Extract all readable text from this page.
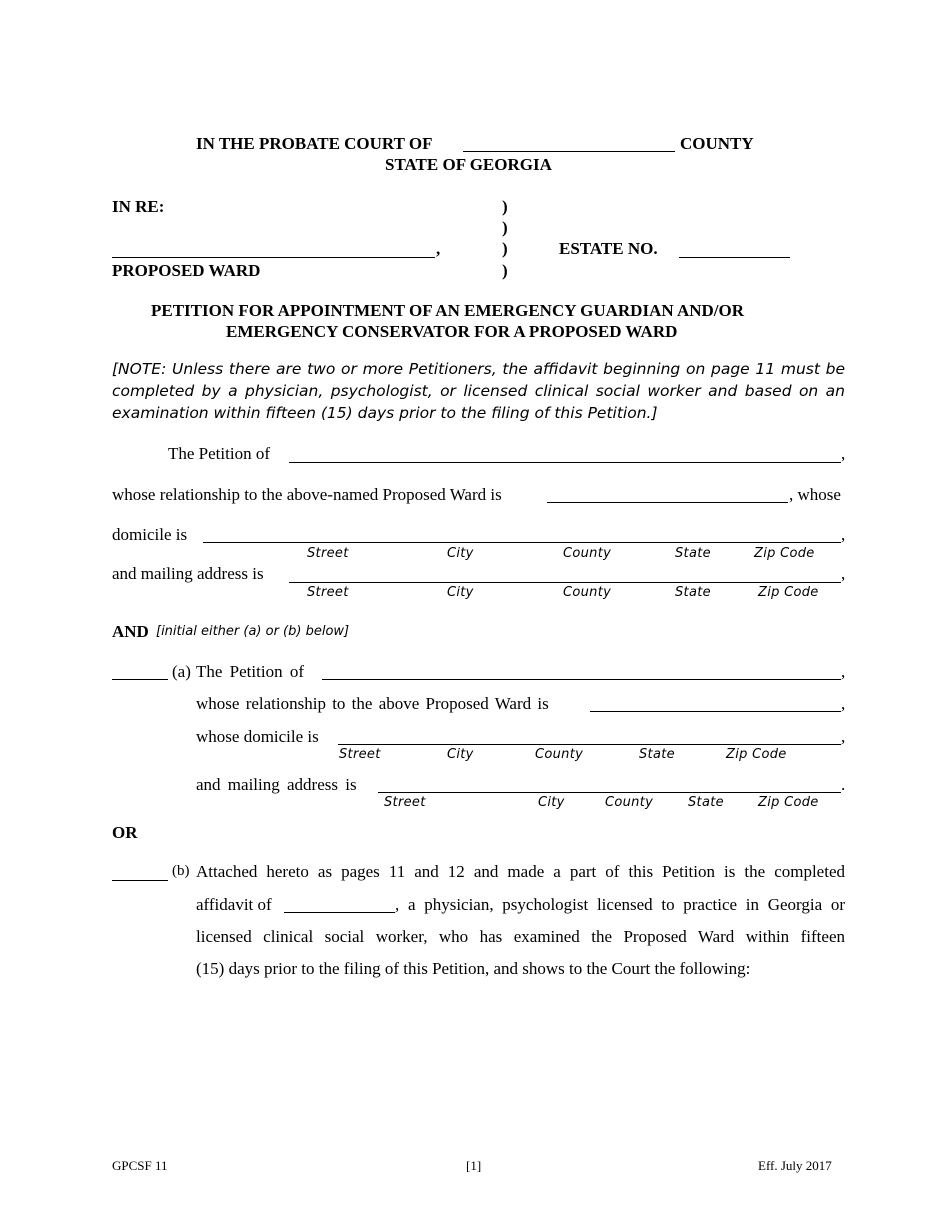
IN THE PROBATE COURT OF	COUNTY
STATE OF GEORGIA
IN RE:	)
)
)
)
,	ESTATE NO.
PROPOSED WARD
PETITION FOR APPOINTMENT OF AN EMERGENCY GUARDIAN AND/OR
EMERGENCY CONSERVATOR FOR A PROPOSED WARD
[NOTE: Unless there are two or more Petitioners, the affidavit beginning on page 11 must be
completed by a physician, psychologist, or licensed clinical social worker and based on an
examination within fifteen (15) days prior to the filing of this Petition.]
The Petition of	,
whose relationship to the above-named Proposed Ward is	, whose
domicile is	,
Street	City	County	State	Zip Code
and mailing address is	,
Street	City	County	State	Zip Code
AND [initial either (a) or (b) below]
(a) The Petition of	,
whose relationship to the above Proposed Ward is	,
whose domicile is	,
Street	City	County	State	Zip Code
and mailing address is	.
Street	City	County	State	Zip Code
OR
(b) Attached hereto as pages 11 and 12 and made a part of this Petition is the completed
affidavit of	, a physician, psychologist licensed to practice in Georgia or
licensed clinical social worker, who has examined the Proposed Ward within fifteen
(15) days prior to the filing of this Petition, and shows to the Court the following:
GPCSF 11	[1]	Eff. July 2017
